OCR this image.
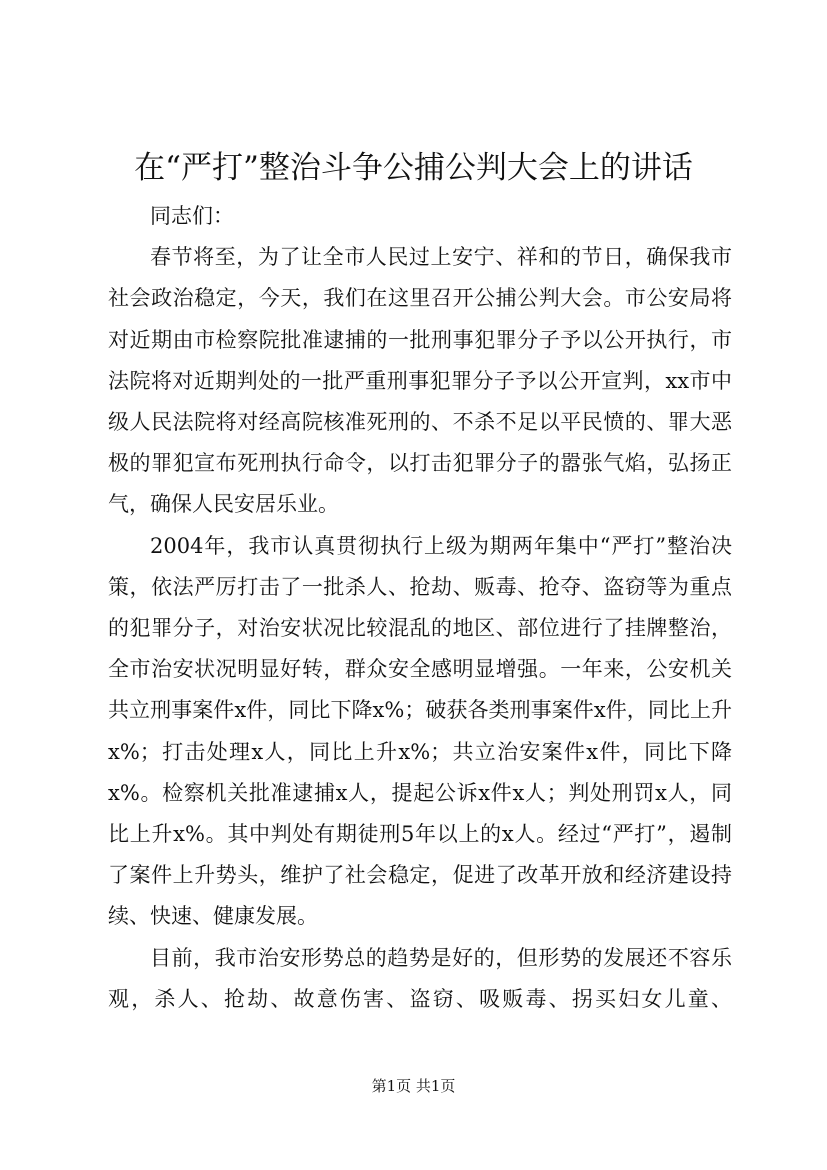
在“严打”整治斗争公捕公判大会上的讲话

同志们：

春节将至，为了让全市人民过上安宁、祥和的节日，确保我市社会政治稳定，今天，我们在这里召开公捕公判大会。市公安局将对近期由市检察院批准逮捕的一批刑事犯罪分子予以公开执行，市法院将对近期判处的一批严重刑事犯罪分子予以公开宣判，xx市中级人民法院将对经高院核准死刑的、不杀不足以平民愤的、罪大恶极的罪犯宣布死刑执行命令，以打击犯罪分子的嚣张气焰，弘扬正气，确保人民安居乐业。

2004年，我市认真贯彻执行上级为期两年集中“严打”整治决策，依法严厉打击了一批杀人、抢劫、贩毒、抢夺、盗窃等为重点的犯罪分子，对治安状况比较混乱的地区、部位进行了挂牌整治，全市治安状况明显好转，群众安全感明显增强。一年来，公安机关共立刑事案件x件，同比下降x%；破获各类刑事案件x件，同比上升x%；打击处理x人，同比上升x%；共立治安案件x件，同比下降x%。检察机关批准逮捕x人，提起公诉x件x人；判处刑罚x人，同比上升x%。其中判处有期徒刑5年以上的x人。经过“严打”，遏制了案件上升势头，维护了社会稳定，促进了改革开放和经济建设持续、快速、健康发展。

目前，我市治安形势总的趋势是好的，但形势的发展还不容乐观，杀人、抢劫、故意伤害、盗窃、吸贩毒、拐买妇女儿童、

第1页 共1页
